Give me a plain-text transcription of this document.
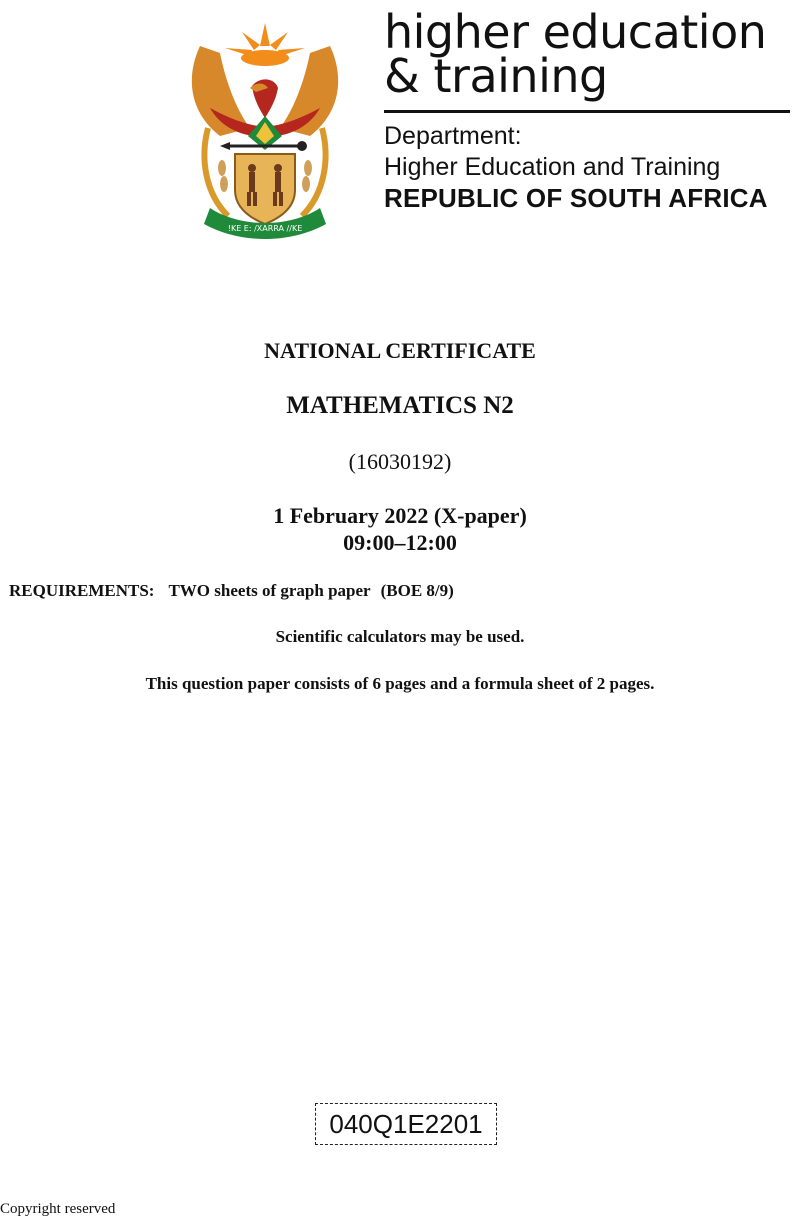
!KE E: /XARRA //KE
higher education
& training
Department:
Higher Education and Training
REPUBLIC OF SOUTH AFRICA
NATIONAL CERTIFICATE
MATHEMATICS N2
(16030192)
1 February 2022 (X-paper)
09:00–12:00
REQUIREMENTS: TWO sheets of graph paper (BOE 8/9)
Scientific calculators may be used.
This question paper consists of 6 pages and a formula sheet of 2 pages.
040Q1E2201
Copyright reserved
